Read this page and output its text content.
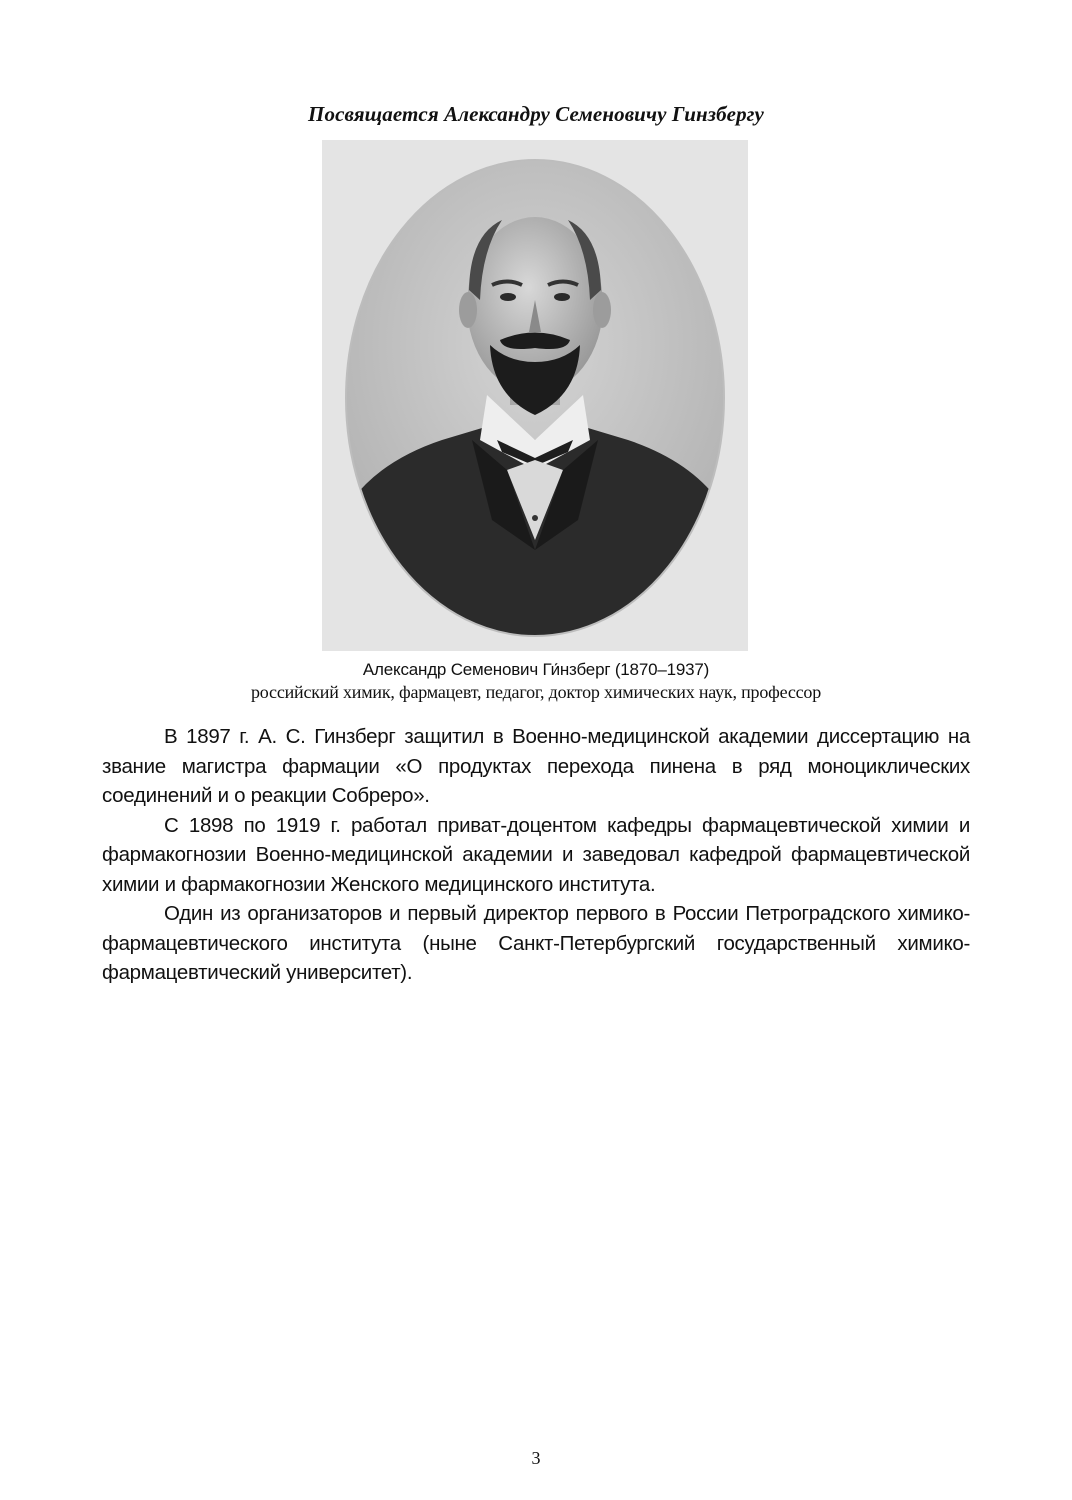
Посвящается Александру Семеновичу Гинзбергу
Александр Семенович Ги́нзберг (1870–1937)
российский химик, фармацевт, педагог, доктор химических наук, профессор

В 1897 г. А. С. Гинзберг защитил в Военно-медицинской академии диссертацию на звание магистра фармации «О продуктах перехода пинена в ряд моноциклических соединений и о реакции Собреро».

С 1898 по 1919 г. работал приват-доцентом кафедры фармацевтической химии и фармакогнозии Военно-медицинской академии и заведовал кафедрой фармацевтической химии и фармакогнозии Женского медицинского института.

Один из организаторов и первый директор первого в России Петроградского химико-фармацевтического института (ныне Санкт-Петербургский государственный химико-фармацевтический университет).

3
